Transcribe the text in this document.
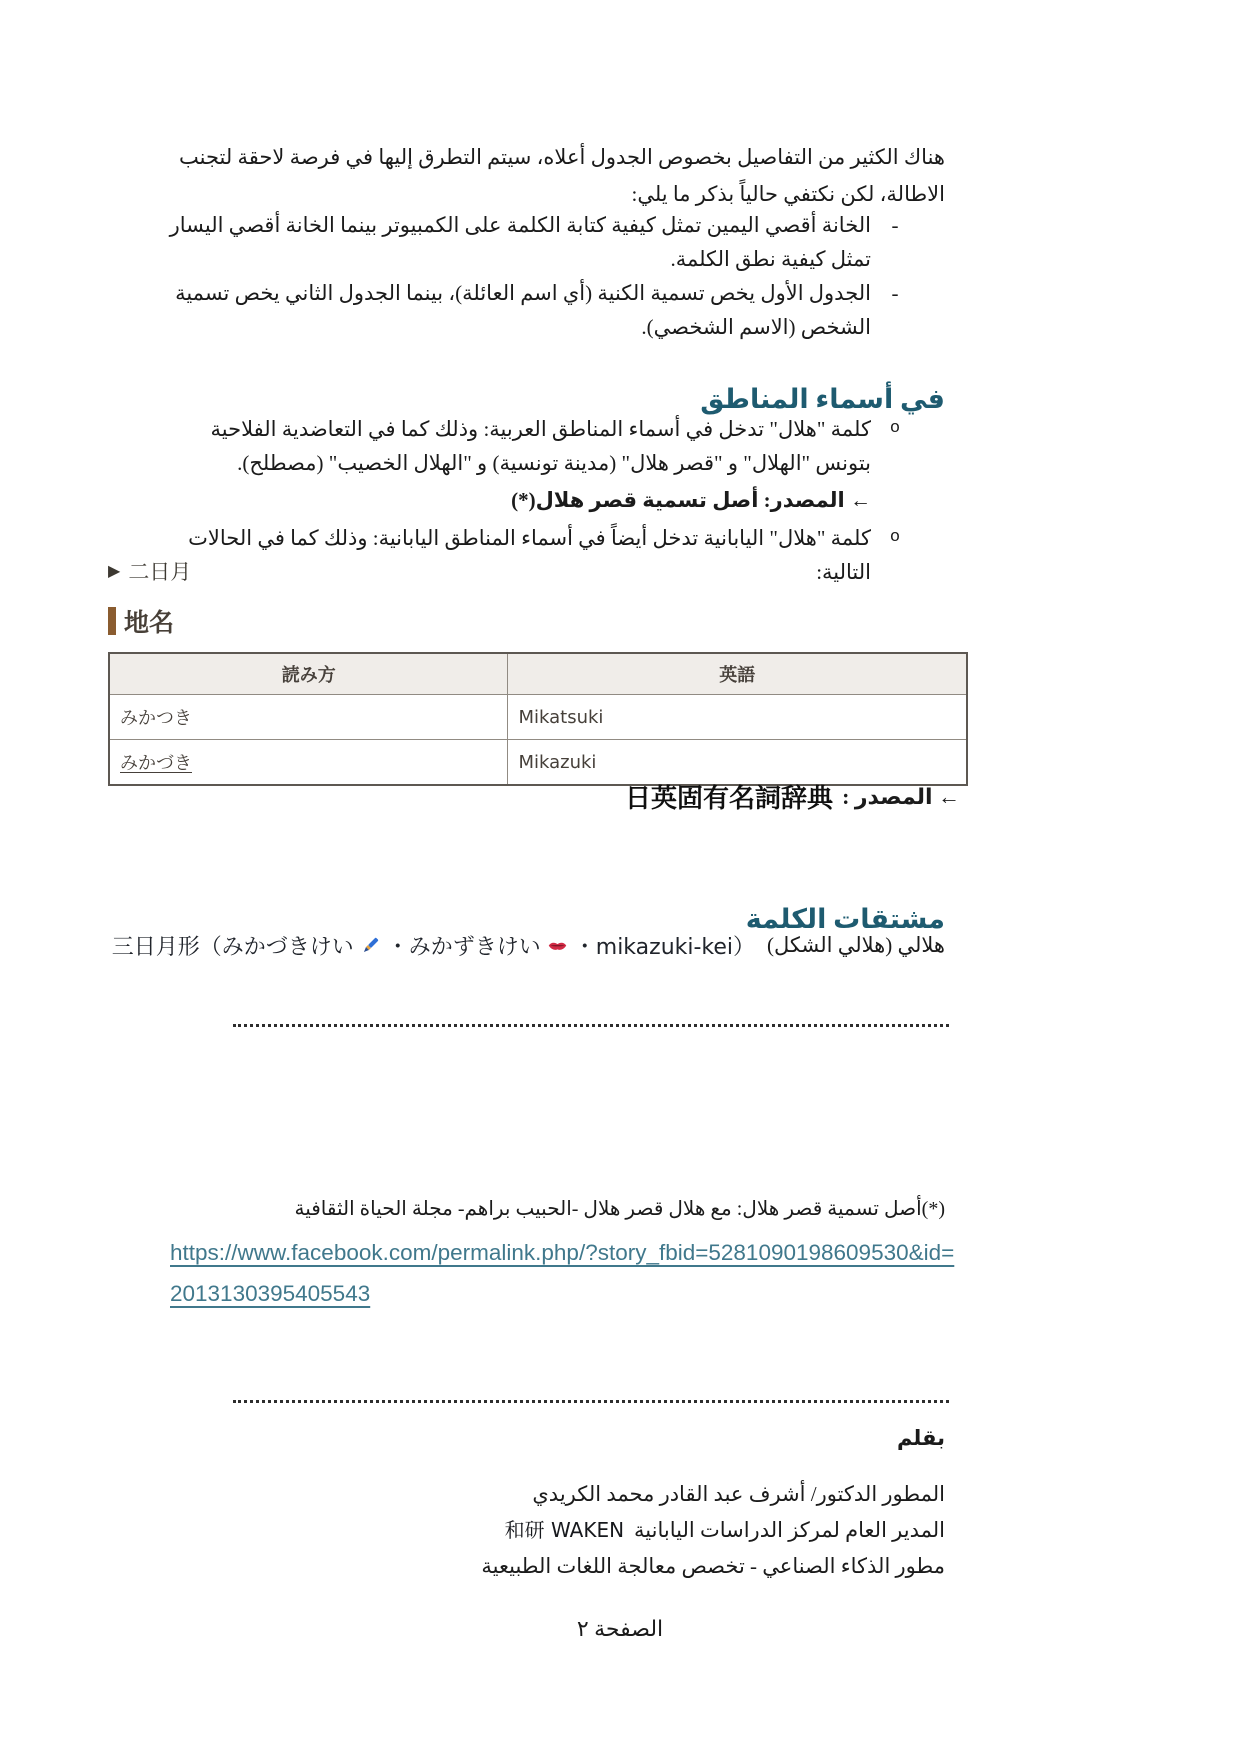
هناك الكثير من التفاصيل بخصوص الجدول أعلاه، سيتم التطرق إليها في فرصة لاحقة لتجنب الاطالة، لكن نكتفي حالياً بذكر ما يلي:

-
الخانة أقصي اليمين تمثل كيفية كتابة الكلمة على الكمبيوتر بينما الخانة أقصي اليسار تمثل كيفية نطق الكلمة.
-
الجدول الأول يخص تسمية الكنية (أي اسم العائلة)، بينما الجدول الثاني يخص تسمية الشخص (الاسم الشخصي).
في أسماء المناطق
o
كلمة "هلال" تدخل في أسماء المناطق العربية: وذلك كما في التعاضدية الفلاحية بتونس "الهلال" و "قصر هلال" (مدينة تونسية) و "الهلال الخصيب" (مصطلح).
← المصدر: أصل تسمية قصر هلال(*)
o
كلمة "هلال" اليابانية تدخل أيضاً في أسماء المناطق اليابانية: وذلك كما في الحالات التالية:
▶ 二日月
地名
読み方	英語
みかつき	Mikatsuki
みかづき	Mikazuki
← المصدر :
日英固有名詞辞典
مشتقات الكلمة
هلالي (هلالي الشكل)
三日月形（みかづきけい ・みかずきけい ・mikazuki-kei）

(*)أصل تسمية قصر هلال: مع هلال قصر هلال -الحبيب براهم- مجلة الحياة الثقافية

https://www.facebook.com/permalink.php/?story_fbid=5281090198609530&id=
2013130395405543
بقلم
المطور الدكتور/ أشرف عبد القادر محمد الكريدي
المدير العام لمركز الدراسات اليابانية
和研 WAKEN
مطور الذكاء الصناعي - تخصص معالجة اللغات الطبيعية
الصفحة ٢
